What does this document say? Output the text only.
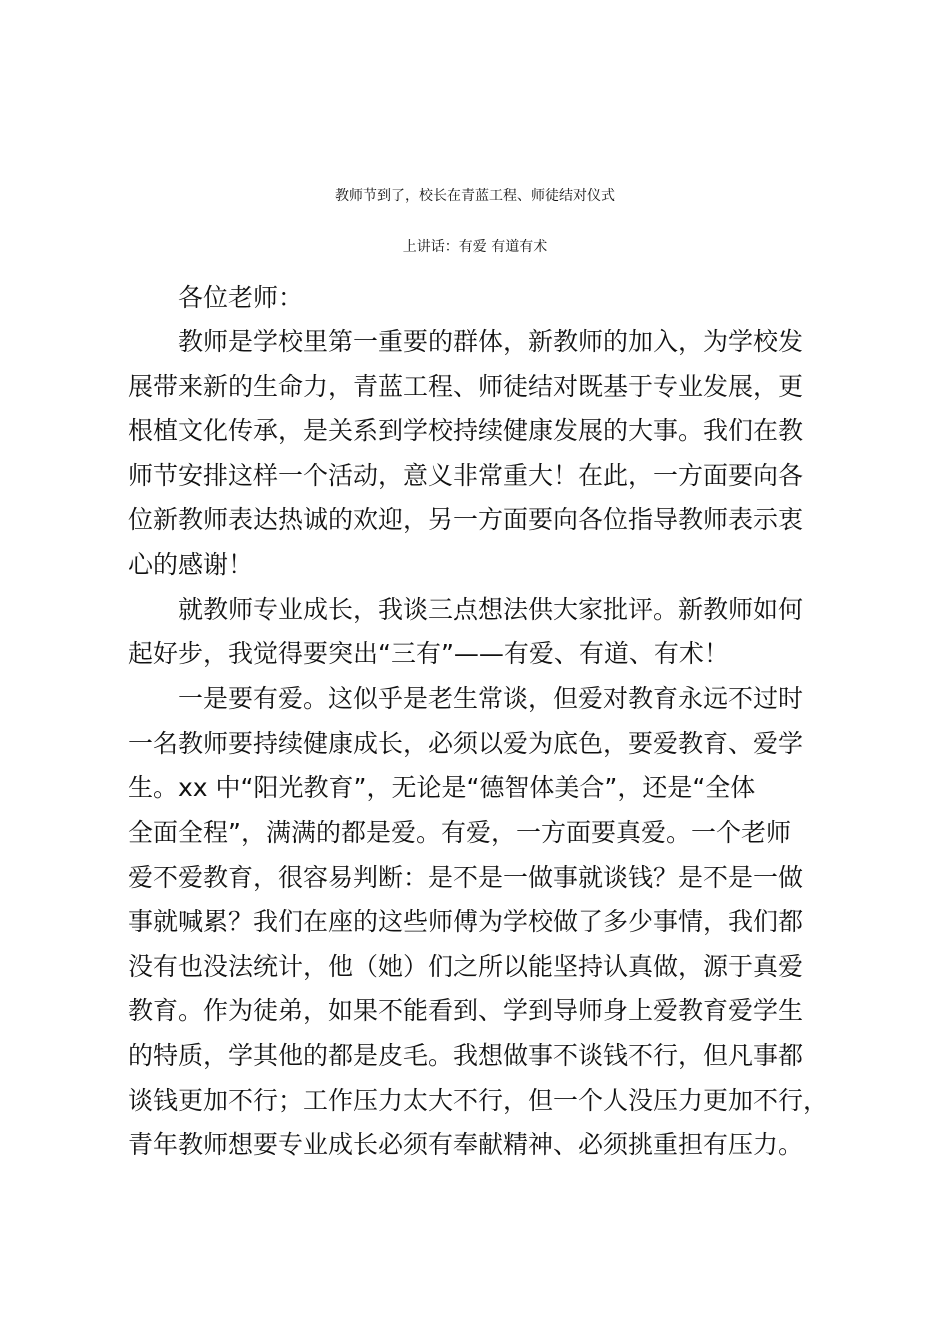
教师节到了，校长在青蓝工程、师徒结对仪式
上讲话：有爱 有道有术
各位老师：
教师是学校里第一重要的群体，新教师的加入，为学校发
展带来新的生命力，青蓝工程、师徒结对既基于专业发展，更
根植文化传承，是关系到学校持续健康发展的大事。我们在教
师节安排这样一个活动，意义非常重大！在此，一方面要向各
位新教师表达热诚的欢迎，另一方面要向各位指导教师表示衷
心的感谢！
就教师专业成长，我谈三点想法供大家批评。新教师如何
起好步，我觉得要突出“三有”——有爱、有道、有术！
一是要有爱。这似乎是老生常谈，但爱对教育永远不过时
一名教师要持续健康成长，必须以爱为底色，要爱教育、爱学
生。xx 中“阳光教育”，无论是“德智体美合”，还是“全体
全面全程”，满满的都是爱。有爱，一方面要真爱。一个老师
爱不爱教育，很容易判断：是不是一做事就谈钱？是不是一做
事就喊累？我们在座的这些师傅为学校做了多少事情，我们都
没有也没法统计，他（她）们之所以能坚持认真做，源于真爱
教育。作为徒弟，如果不能看到、学到导师身上爱教育爱学生
的特质，学其他的都是皮毛。我想做事不谈钱不行，但凡事都
谈钱更加不行；工作压力太大不行，但一个人没压力更加不行，
青年教师想要专业成长必须有奉献精神、必须挑重担有压力。
